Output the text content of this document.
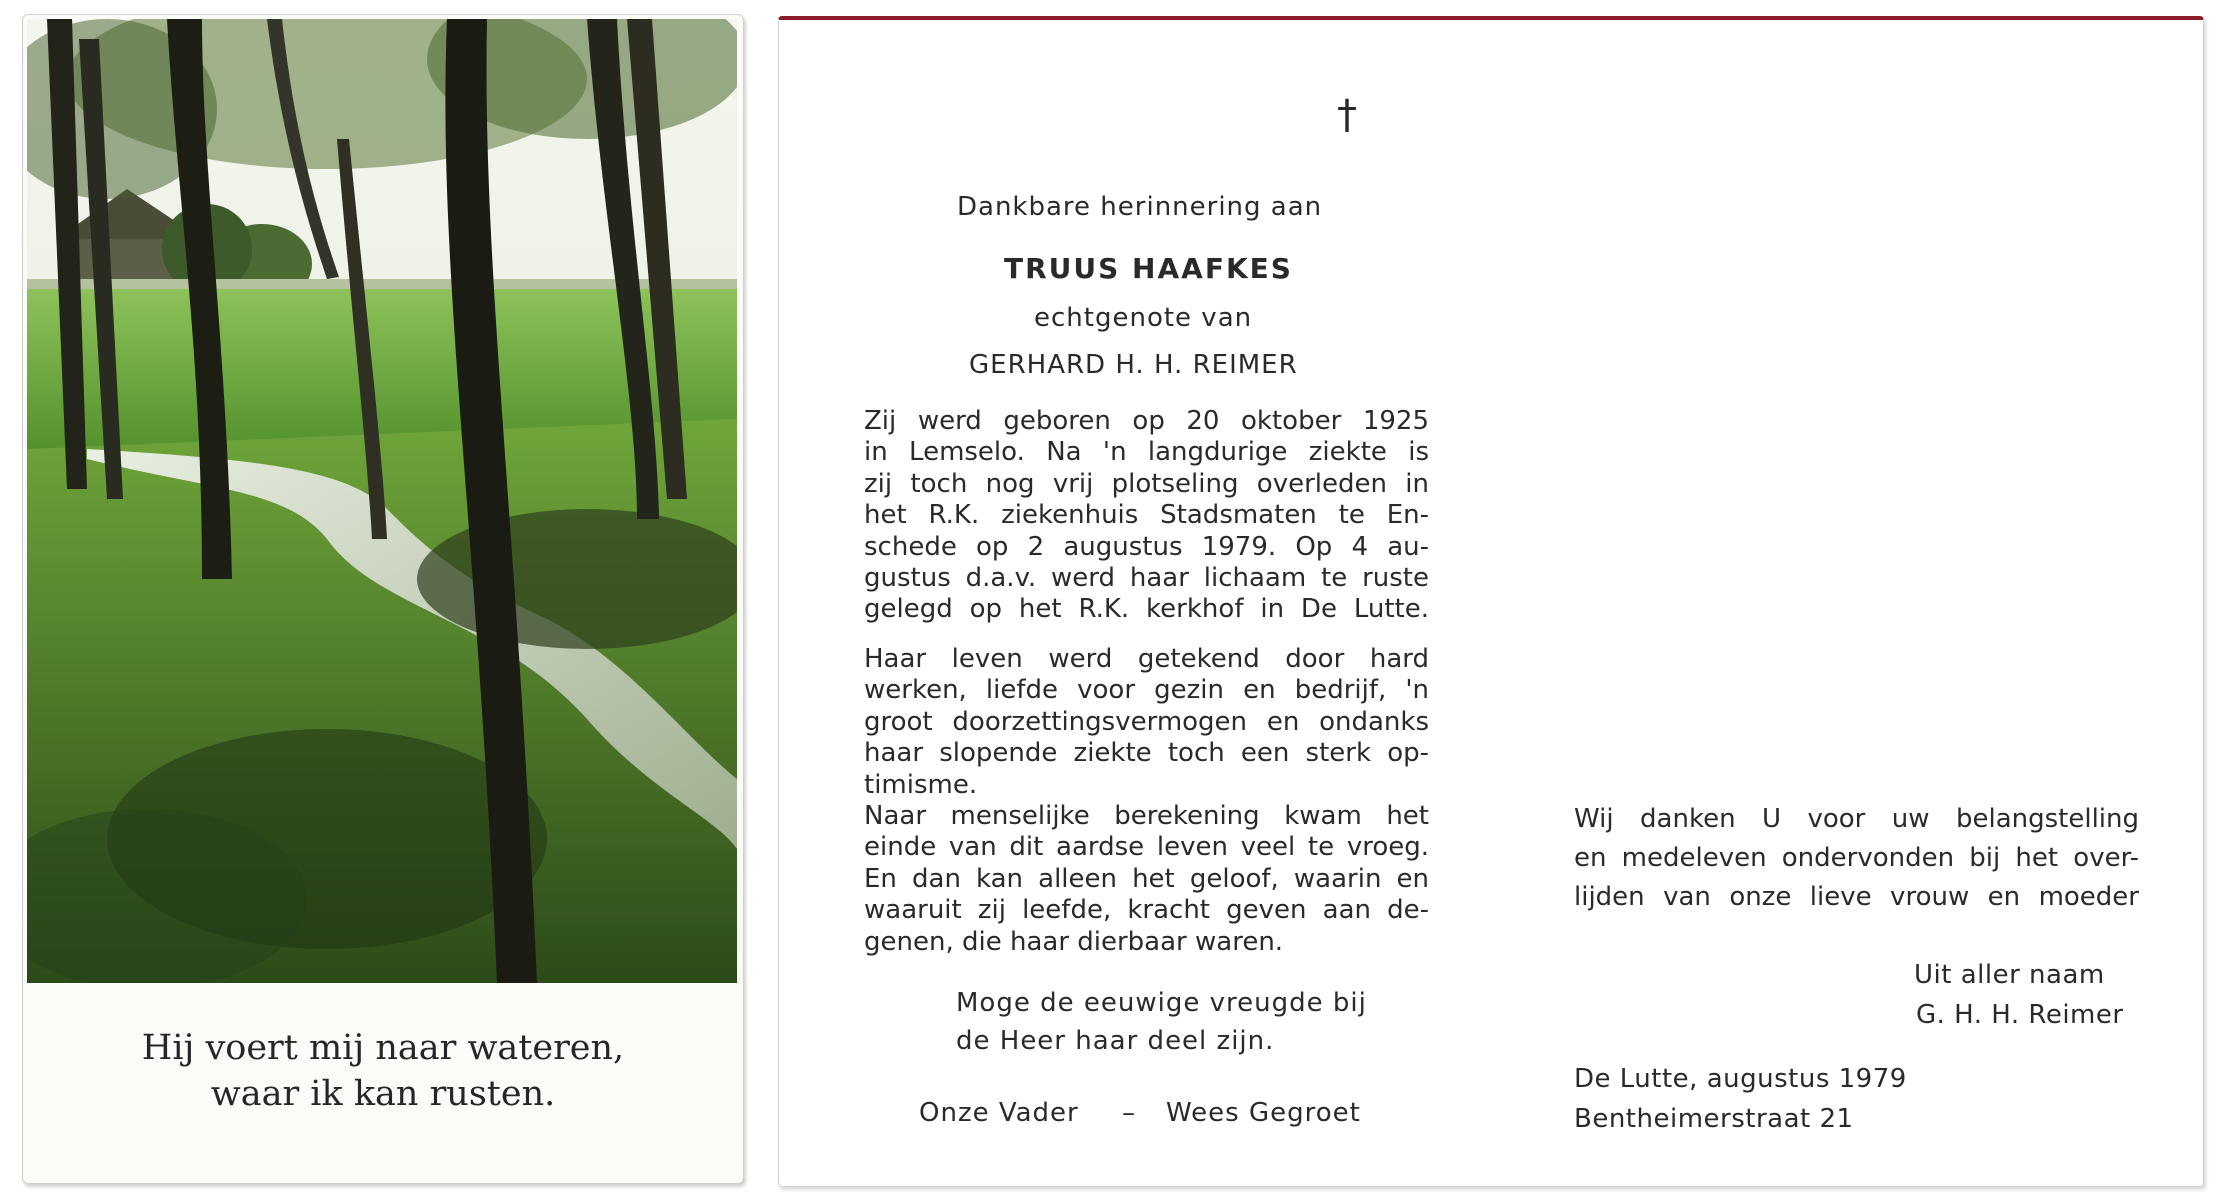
Hij voert mij naar wateren,
waar ik kan rusten.
†
Dankbare herinnering aan
TRUUS HAAFKES
echtgenote van
GERHARD H. H. REIMER
Zij werd geboren op 20 oktober 1925
in Lemselo. Na 'n langdurige ziekte is
zij toch nog vrij plotseling overleden in
het R.K. ziekenhuis Stadsmaten te En-
schede op 2 augustus 1979. Op 4 au-
gustus d.a.v. werd haar lichaam te ruste
gelegd op het R.K. kerkhof in De Lutte.
Haar leven werd getekend door hard
werken, liefde voor gezin en bedrijf, 'n
groot doorzettingsvermogen en ondanks
haar slopende ziekte toch een sterk op-
timisme.
Naar menselijke berekening kwam het
einde van dit aardse leven veel te vroeg.
En dan kan alleen het geloof, waarin en
waaruit zij leefde, kracht geven aan de-
genen, die haar dierbaar waren.
Moge de eeuwige vreugde bij
de Heer haar deel zijn.
Onze Vader – Wees Gegroet
Wij danken U voor uw belangstelling
en medeleven ondervonden bij het over-
lijden van onze lieve vrouw en moeder
Uit aller naam
G. H. H. Reimer
De Lutte, augustus 1979
Bentheimerstraat 21
